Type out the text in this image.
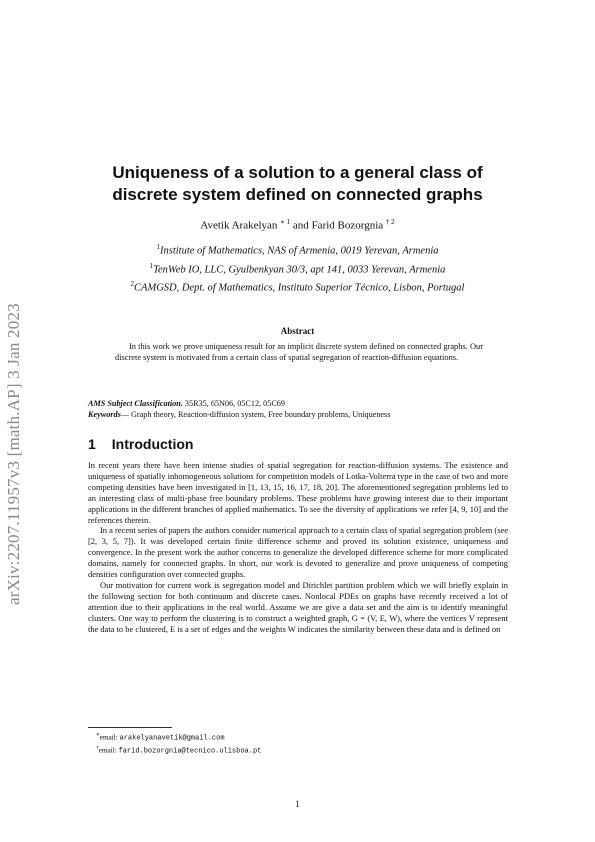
arXiv:2207.11957v3 [math.AP] 3 Jan 2023
Uniqueness of a solution to a general class of
discrete system defined on connected graphs
Avetik Arakelyan $^{∗ 1}$ and Farid Bozorgnia $^{\dagger 2}$
$^1$Institute of Mathematics, NAS of Armenia, 0019 Yerevan, Armenia
$^1$TenWeb IO, LLC, Gyulbenkyan 30/3, apt 141, 0033 Yerevan, Armenia
$^2$CAMGSD, Dept. of Mathematics, Instituto Superior Técnico, Lisbon, Portugal
Abstract
In this work we prove uniqueness result for an implicit discrete system defined on connected graphs. Our discrete system is motivated from a certain class of spatial segregation of reaction-diffusion equations.
AMS Subject Classification. 35R35, 65N06, 05C12, 05C69
Keywords— Graph theory, Reaction-diffusion system, Free boundary problems, Uniqueness
1 Introduction

In recent years there have been intense studies of spatial segregation for reaction-diffusion systems. The existence and uniqueness of spatially inhomogeneous solutions for competition models of Lotka-Volterra type in the case of two and more competing densities have been investigated in [1, 13, 15, 16, 17, 18, 20]. The aforementioned segregation problems led to an interesting class of multi-phase free boundary problems. These problems have growing interest due to their important applications in the different branches of applied mathematics. To see the diversity of applications we refer [4, 9, 10] and the references therein.

In a recent series of papers the authors consider numerical approach to a certain class of spatial segregation problem (see [2, 3, 5, 7]). It was developed certain finite difference scheme and proved its solution existence, uniqueness and convergence. In the present work the author concerns to generalize the developed difference scheme for more complicated domains, namely for connected graphs. In short, our work is devoted to generalize and prove uniqueness of competing densities configuration over connected graphs.

Our motivation for current work is segregation model and Dirichlet partition problem which we will briefly explain in the following section for both continuum and discrete cases. Nonlocal PDEs on graphs have recently received a lot of attention due to their applications in the real world. Assume we are give a data set and the aim is to identify meaningful clusters. One way to perform the clustering is to construct a weighted graph, G = (V, E, W), where the vertices V represent the data to be clustered, E is a set of edges and the weights W indicates the similarity between these data and is defined on

∗email: arakelyanavetik@gmail.com
†email: farid.bozorgnia@tecnico.ulisboa.pt
1
